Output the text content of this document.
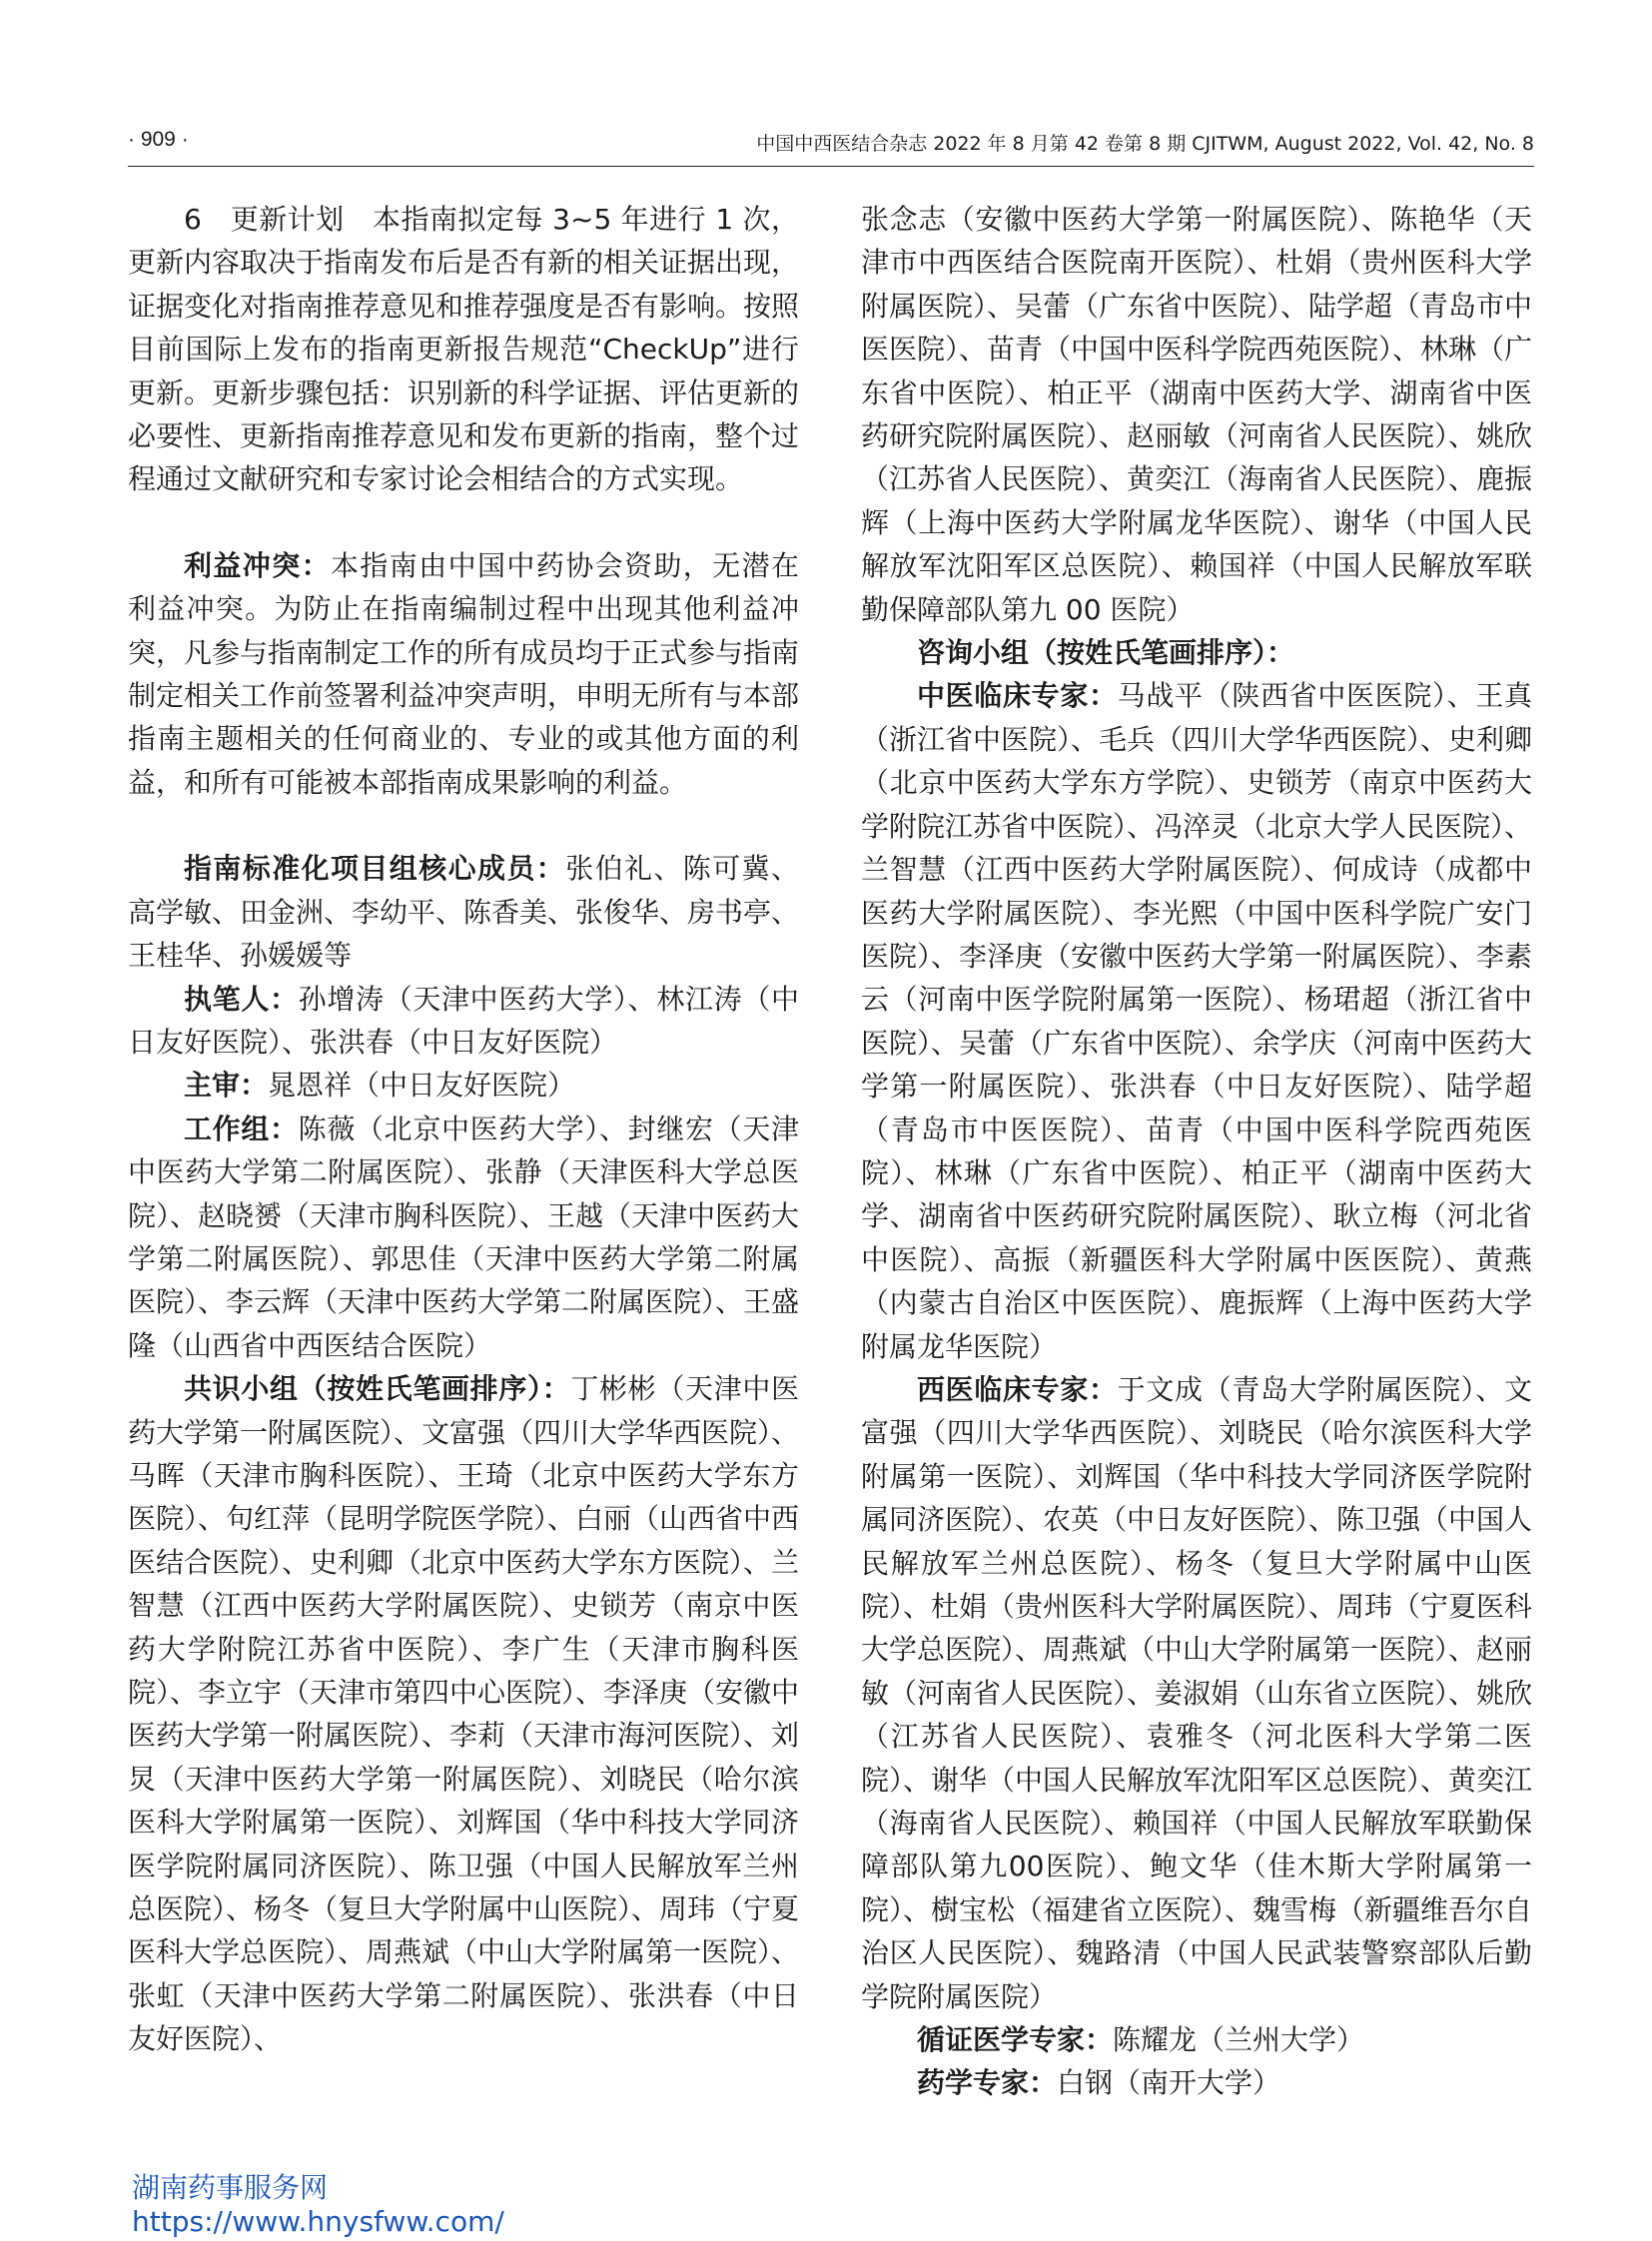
· 909 ·	中国中西医结合杂志 2022 年 8 月第 42 卷第 8 期 CJITWM, August 2022, Vol. 42, No. 8

6　更新计划　本指南拟定每 3~5 年进行 1 次，更新内容取决于指南发布后是否有新的相关证据出现，证据变化对指南推荐意见和推荐强度是否有影响。按照目前国际上发布的指南更新报告规范“CheckUp”进行更新。更新步骤包括：识别新的科学证据、评估更新的必要性、更新指南推荐意见和发布更新的指南，整个过程通过文献研究和专家讨论会相结合的方式实现。

利益冲突：本指南由中国中药协会资助，无潜在利益冲突。为防止在指南编制过程中出现其他利益冲突，凡参与指南制定工作的所有成员均于正式参与指南制定相关工作前签署利益冲突声明，申明无所有与本部指南主题相关的任何商业的、专业的或其他方面的利益，和所有可能被本部指南成果影响的利益。

指南标准化项目组核心成员：张伯礼、陈可冀、高学敏、田金洲、李幼平、陈香美、张俊华、房书亭、王桂华、孙媛媛等

执笔人：孙增涛（天津中医药大学）、林江涛（中日友好医院）、张洪春（中日友好医院）

主审：晁恩祥（中日友好医院）

工作组：陈薇（北京中医药大学）、封继宏（天津中医药大学第二附属医院）、张静（天津医科大学总医院）、赵晓赟（天津市胸科医院）、王越（天津中医药大学第二附属医院）、郭思佳（天津中医药大学第二附属医院）、李云辉（天津中医药大学第二附属医院）、王盛隆（山西省中西医结合医院）

共识小组（按姓氏笔画排序）：丁彬彬（天津中医药大学第一附属医院）、文富强（四川大学华西医院）、马晖（天津市胸科医院）、王琦（北京中医药大学东方医院）、句红萍（昆明学院医学院）、白丽（山西省中西医结合医院）、史利卿（北京中医药大学东方医院）、兰智慧（江西中医药大学附属医院）、史锁芳（南京中医药大学附院江苏省中医院）、李广生（天津市胸科医院）、李立宇（天津市第四中心医院）、李泽庚（安徽中医药大学第一附属医院）、李莉（天津市海河医院）、刘炅（天津中医药大学第一附属医院）、刘晓民（哈尔滨医科大学附属第一医院）、刘辉国（华中科技大学同济医学院附属同济医院）、陈卫强（中国人民解放军兰州总医院）、杨冬（复旦大学附属中山医院）、周玮（宁夏医科大学总医院）、周燕斌（中山大学附属第一医院）、张虹（天津中医药大学第二附属医院）、张洪春（中日友好医院）、

张念志（安徽中医药大学第一附属医院）、陈艳华（天津市中西医结合医院南开医院）、杜娟（贵州医科大学附属医院）、吴蕾（广东省中医院）、陆学超（青岛市中医医院）、苗青（中国中医科学院西苑医院）、林琳（广东省中医院）、柏正平（湖南中医药大学、湖南省中医药研究院附属医院）、赵丽敏（河南省人民医院）、姚欣（江苏省人民医院）、黄奕江（海南省人民医院）、鹿振辉（上海中医药大学附属龙华医院）、谢华（中国人民解放军沈阳军区总医院）、赖国祥（中国人民解放军联勤保障部队第九 00 医院）

咨询小组（按姓氏笔画排序）：

中医临床专家：马战平（陕西省中医医院）、王真（浙江省中医院）、毛兵（四川大学华西医院）、史利卿（北京中医药大学东方学院）、史锁芳（南京中医药大学附院江苏省中医院）、冯淬灵（北京大学人民医院）、兰智慧（江西中医药大学附属医院）、何成诗（成都中医药大学附属医院）、李光熙（中国中医科学院广安门医院）、李泽庚（安徽中医药大学第一附属医院）、李素云（河南中医学院附属第一医院）、杨珺超（浙江省中医院）、吴蕾（广东省中医院）、余学庆（河南中医药大学第一附属医院）、张洪春（中日友好医院）、陆学超（青岛市中医医院）、苗青（中国中医科学院西苑医院）、林琳（广东省中医院）、柏正平（湖南中医药大学、湖南省中医药研究院附属医院）、耿立梅（河北省中医院）、高振（新疆医科大学附属中医医院）、黄燕（内蒙古自治区中医医院）、鹿振辉（上海中医药大学附属龙华医院）

西医临床专家：于文成（青岛大学附属医院）、文富强（四川大学华西医院）、刘晓民（哈尔滨医科大学附属第一医院）、刘辉国（华中科技大学同济医学院附属同济医院）、农英（中日友好医院）、陈卫强（中国人民解放军兰州总医院）、杨冬（复旦大学附属中山医院）、杜娟（贵州医科大学附属医院）、周玮（宁夏医科大学总医院）、周燕斌（中山大学附属第一医院）、赵丽敏（河南省人民医院）、姜淑娟（山东省立医院）、姚欣（江苏省人民医院）、袁雅冬（河北医科大学第二医院）、谢华（中国人民解放军沈阳军区总医院）、黄奕江（海南省人民医院）、赖国祥（中国人民解放军联勤保障部队第九00医院）、鲍文华（佳木斯大学附属第一院）、樹宝松（福建省立医院）、魏雪梅（新疆维吾尔自治区人民医院）、魏路清（中国人民武装警察部队后勤学院附属医院）

循证医学专家：陈耀龙（兰州大学）

药学专家：白钢（南开大学）

湖南药事服务网
https://www.hnysfww.com/
